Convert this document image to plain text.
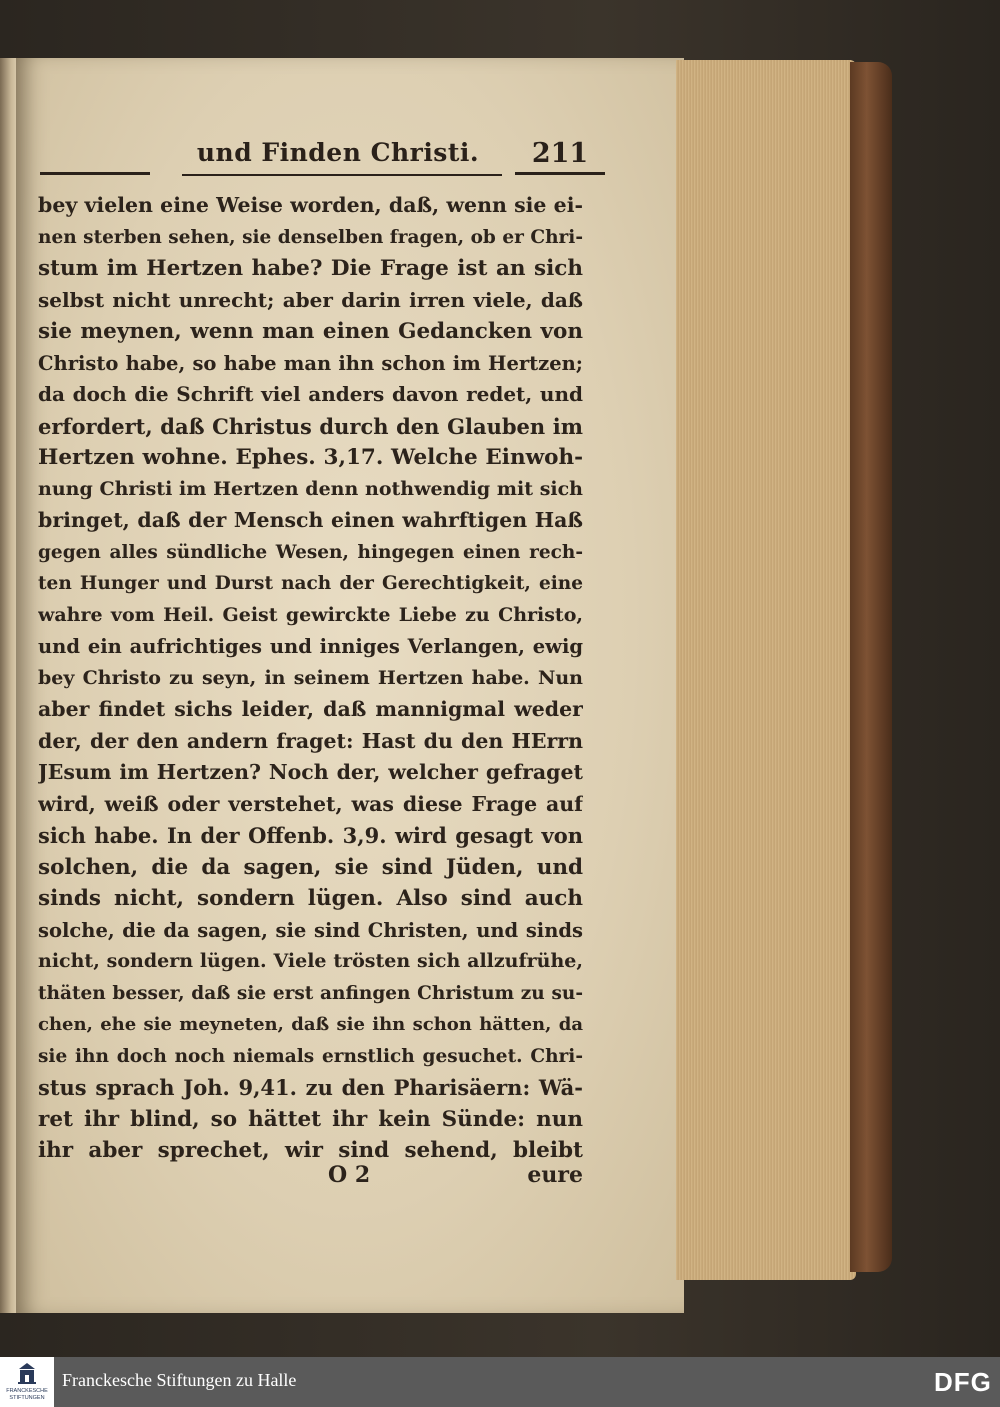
und Finden Christi.	211
bey vielen eine Weise worden, daß, wenn sie ei-
nen sterben sehen, sie denselben fragen, ob er Chri-
stum im Hertzen habe? Die Frage ist an sich
selbst nicht unrecht; aber darin irren viele, daß
sie meynen, wenn man einen Gedancken von
Christo habe, so habe man ihn schon im Hertzen;
da doch die Schrift viel anders davon redet, und
erfordert, daß Christus durch den Glauben im
Hertzen wohne. Ephes. 3,17. Welche Einwoh-
nung Christi im Hertzen denn nothwendig mit sich
bringet, daß der Mensch einen wahrftigen Haß
gegen alles sündliche Wesen, hingegen einen rech-
ten Hunger und Durst nach der Gerechtigkeit, eine
wahre vom Heil. Geist gewirckte Liebe zu Christo,
und ein aufrichtiges und inniges Verlangen, ewig
bey Christo zu seyn, in seinem Hertzen habe. Nun
aber findet sichs leider, daß mannigmal weder
der, der den andern fraget: Hast du den HErrn
JEsum im Hertzen? Noch der, welcher gefraget
wird, weiß oder verstehet, was diese Frage auf
sich habe. In der Offenb. 3,9. wird gesagt von
solchen, die da sagen, sie sind Jüden, und
sinds nicht, sondern lügen. Also sind auch
solche, die da sagen, sie sind Christen, und sinds
nicht, sondern lügen. Viele trösten sich allzufrühe,
thäten besser, daß sie erst anfingen Christum zu su-
chen, ehe sie meyneten, daß sie ihn schon hätten, da
sie ihn doch noch niemals ernstlich gesuchet. Chri-
stus sprach Joh. 9,41. zu den Pharisäern: Wä-
ret ihr blind, so hättet ihr kein Sünde: nun
ihr aber sprechet, wir sind sehend, bleibt
O 2	eure
FRANCKESCHE STIFTUNGEN
Franckesche Stiftungen zu Halle	DFG
